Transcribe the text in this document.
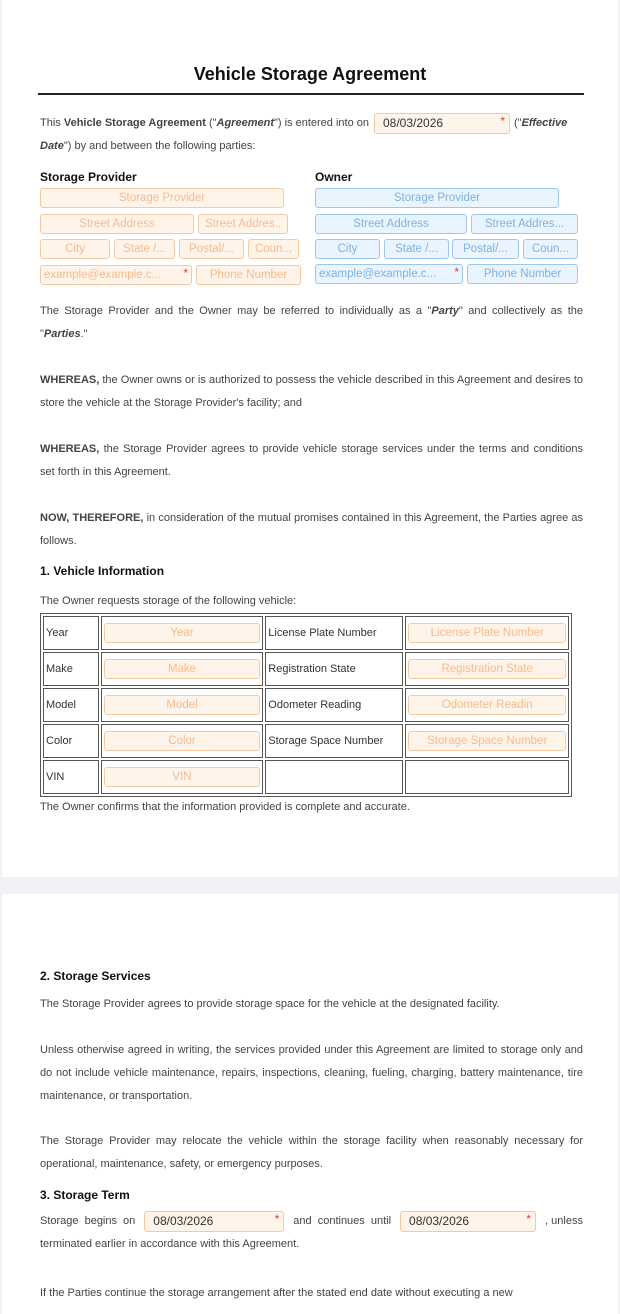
Vehicle Storage Agreement
This Vehicle Storage Agreement (" Agreement ") is entered into on	08/03/2026 *	(" Effective
Date") by and between the following parties:
Storage Provider
Storage Provider
Street Address	Street Addres..
City	State /...	Postal/...	Coun...
example@example.c... *	Phone Number
Owner
Storage Provider
Street Address	Street Addres...
City	State /...	Postal/...	Coun...
example@example.c... *	Phone Number
The Storage Provider and the Owner may be referred to individually as a "Party" and collectively as the "Parties."
WHEREAS, the Owner owns or is authorized to possess the vehicle described in this Agreement and desires to store the vehicle at the Storage Provider's facility; and
WHEREAS, the Storage Provider agrees to provide vehicle storage services under the terms and conditions set forth in this Agreement.
NOW, THEREFORE, in consideration of the mutual promises contained in this Agreement, the Parties agree as follows.
1. Vehicle Information
The Owner requests storage of the following vehicle:
Year	Year	License Plate Number	License Plate Number

Make	Make	Registration State	Registration State

Model	Model	Odometer Reading	Odometer Readin

Color	Color	Storage Space Number	Storage Space Number

VIN	VIN		

The Owner confirms that the information provided is complete and accurate.
2. Storage Services
The Storage Provider agrees to provide storage space for the vehicle at the designated facility.
Unless otherwise agreed in writing, the services provided under this Agreement are limited to storage only and do not include vehicle maintenance, repairs, inspections, cleaning, fueling, charging, battery maintenance, tire maintenance, or transportation.
The Storage Provider may relocate the vehicle within the storage facility when reasonably necessary for operational, maintenance, safety, or emergency purposes.
3. Storage Term
Storage begins on	08/03/2026 *	and continues until	08/03/2026 *	, unless
terminated earlier in accordance with this Agreement.
If the Parties continue the storage arrangement after the stated end date without executing a new
